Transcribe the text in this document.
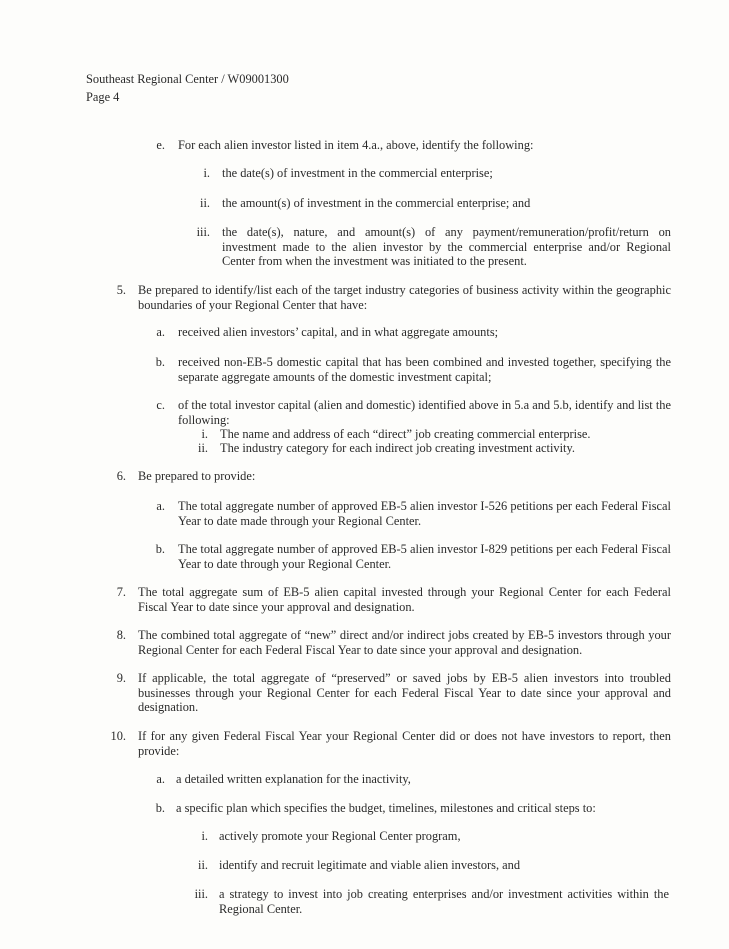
Southeast Regional Center / W09001300
Page 4
e. For each alien investor listed in item 4.a., above, identify the following:
i. the date(s) of investment in the commercial enterprise;
ii. the amount(s) of investment in the commercial enterprise; and
iii. the date(s), nature, and amount(s) of any payment/remuneration/profit/return on investment made to the alien investor by the commercial enterprise and/or Regional Center from when the investment was initiated to the present.
5. Be prepared to identify/list each of the target industry categories of business activity within the geographic boundaries of your Regional Center that have:
a. received alien investors’ capital, and in what aggregate amounts;
b. received non-EB-5 domestic capital that has been combined and invested together, specifying the separate aggregate amounts of the domestic investment capital;
c. of the total investor capital (alien and domestic) identified above in 5.a and 5.b, identify and list the following:
i. The name and address of each “direct” job creating commercial enterprise.
ii. The industry category for each indirect job creating investment activity.
6. Be prepared to provide:
a. The total aggregate number of approved EB-5 alien investor I-526 petitions per each Federal Fiscal Year to date made through your Regional Center.
b. The total aggregate number of approved EB-5 alien investor I-829 petitions per each Federal Fiscal Year to date through your Regional Center.
7. The total aggregate sum of EB-5 alien capital invested through your Regional Center for each Federal Fiscal Year to date since your approval and designation.
8. The combined total aggregate of “new” direct and/or indirect jobs created by EB-5 investors through your Regional Center for each Federal Fiscal Year to date since your approval and designation.
9. If applicable, the total aggregate of “preserved” or saved jobs by EB-5 alien investors into troubled businesses through your Regional Center for each Federal Fiscal Year to date since your approval and designation.
10. If for any given Federal Fiscal Year your Regional Center did or does not have investors to report, then provide:
a. a detailed written explanation for the inactivity,
b. a specific plan which specifies the budget, timelines, milestones and critical steps to:
i. actively promote your Regional Center program,
ii. identify and recruit legitimate and viable alien investors, and
iii. a strategy to invest into job creating enterprises and/or investment activities within the Regional Center.
